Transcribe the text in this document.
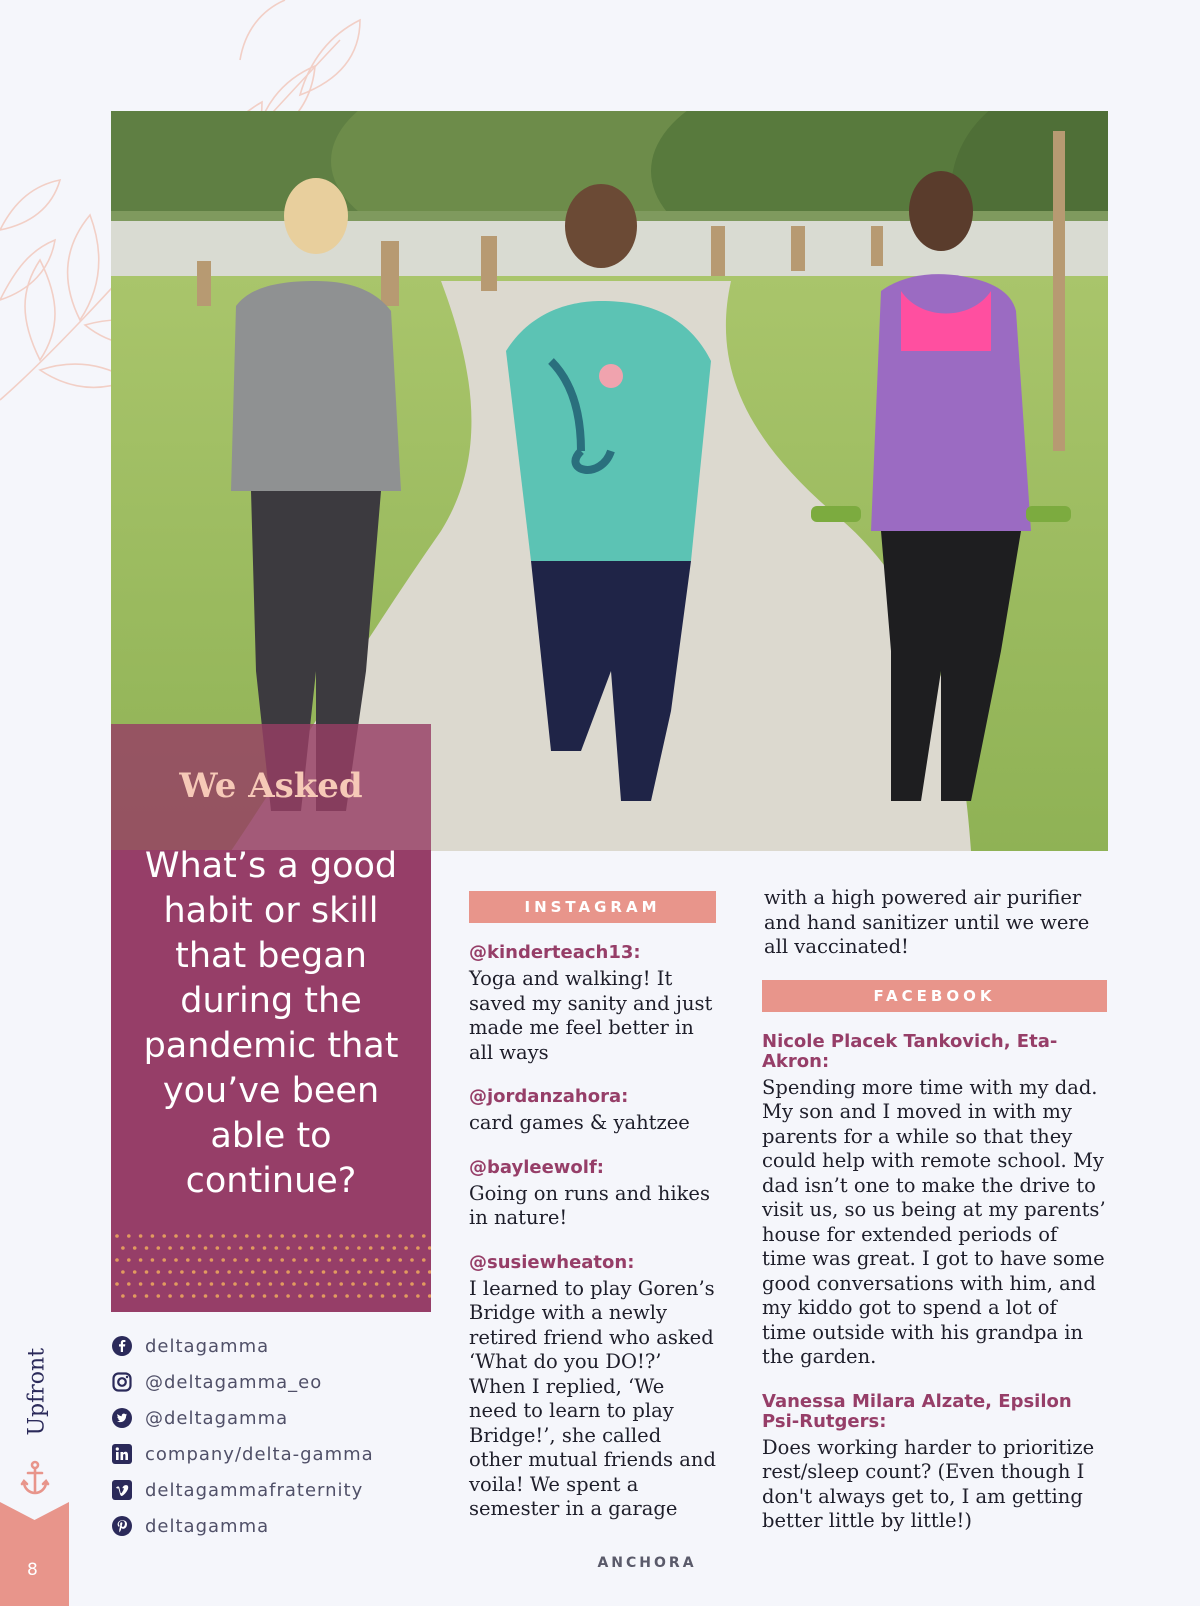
We Asked

What’s a good habit or skill that began during the pandemic that you’ve been able to continue?

deltagamma
@deltagamma_eo
@deltagamma
company/delta-gamma
deltagammafraternity
deltagamma
Upfront
8
INSTAGRAM

@kinderteach13:

Yoga and walking! It saved my sanity and just made me feel better in all ways

@jordanzahora:

card games & yahtzee

@bayleewolf:

Going on runs and hikes in nature!

@susiewheaton:

I learned to play Goren’s Bridge with a newly retired friend who asked ‘What do you DO!?’ When I replied, ‘We need to learn to play Bridge!’, she called other mutual friends and voila! We spent a semester in a garage

with a high powered air purifier and hand sanitizer until we were all vaccinated!

FACEBOOK

Nicole Placek Tankovich, Eta-Akron:

Spending more time with my dad. My son and I moved in with my parents for a while so that they could help with remote school. My dad isn’t one to make the drive to visit us, so us being at my parents’ house for extended periods of time was great. I got to have some good conversations with him, and my kiddo got to spend a lot of time outside with his grandpa in the garden.

Vanessa Milara Alzate, Epsilon Psi-Rutgers:

Does working harder to prioritize rest/sleep count? (Even though I don't always get to, I am getting better little by little!)

ANCHORA
